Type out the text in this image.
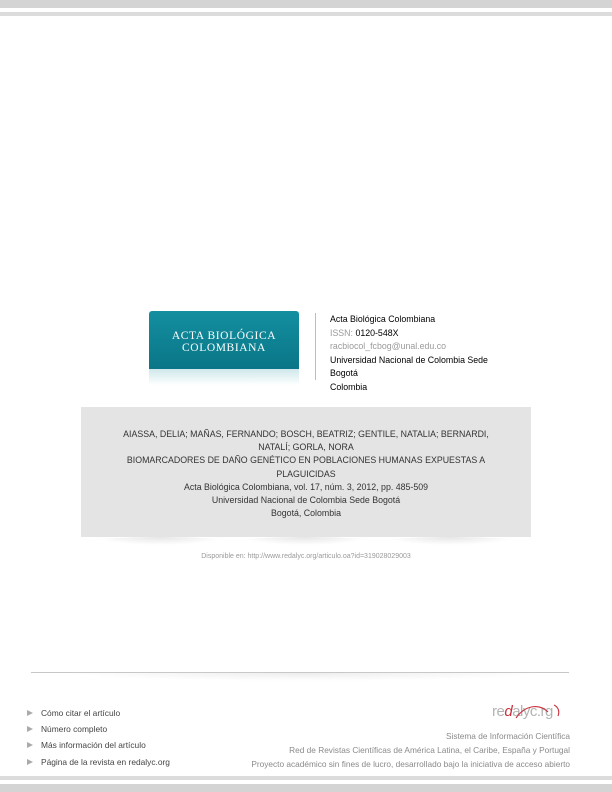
ACTA BIOLÓGICA
COLOMBIANA
Acta Biológica Colombiana
ISSN: 0120-548X
racbiocol_fcbog@unal.edu.co
Universidad Nacional de Colombia Sede
Bogotá
Colombia
AIASSA, DELIA; MAÑAS, FERNANDO; BOSCH, BEATRIZ; GENTILE, NATALIA; BERNARDI, NATALÍ; GORLA, NORA
BIOMARCADORES DE DAÑO GENÉTICO EN POBLACIONES HUMANAS EXPUESTAS A PLAGUICIDAS
Acta Biológica Colombiana, vol. 17, núm. 3, 2012, pp. 485-509
Universidad Nacional de Colombia Sede Bogotá
Bogotá, Colombia
Disponible en: http://www.redalyc.org/articulo.oa?id=319028029003
Cómo citar el artículo
Número completo
Más información del artículo
Página de la revista en redalyc.org
redalyc.rg
Sistema de Información Científica
Red de Revistas Científicas de América Latina, el Caribe, España y Portugal
Proyecto académico sin fines de lucro, desarrollado bajo la iniciativa de acceso abierto
